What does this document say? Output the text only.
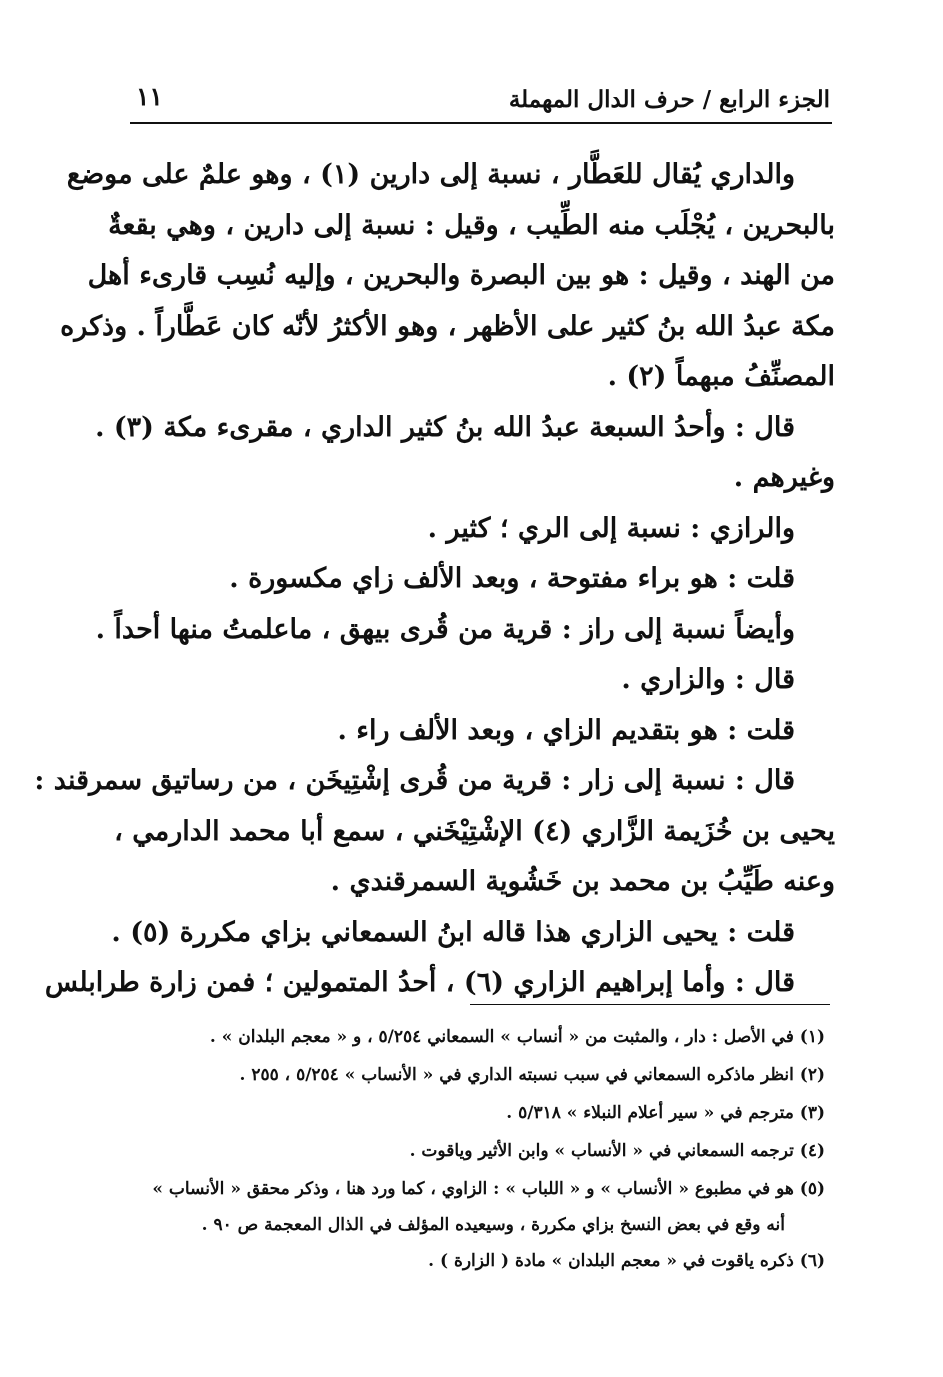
الجزء الرابع / حرف الدال المهملة
١١
والداري يُقال للعَطَّار ، نسبة إلى دارين (١) ، وهو علمٌ على موضع
بالبحرين ، يُجْلَب منه الطِّيب ، وقيل : نسبة إلى دارين ، وهي بقعةٌ
من الهند ، وقيل : هو بين البصرة والبحرين ، وإليه نُسِب قارىء أهل
مكة عبدُ الله بنُ كثير على الأظهر ، وهو الأكثرُ لأنّه كان عَطَّاراً . وذكره
المصنِّفُ مبهماً (٢) .
قال : وأحدُ السبعة عبدُ الله بنُ كثير الداري ، مقرىء مكة (٣) .
وغيرهم .
والرازي : نسبة إلى الري ؛ كثير .
قلت : هو براء مفتوحة ، وبعد الألف زاي مكسورة .
وأيضاً نسبة إلى راز : قرية من قُرى بيهق ، ماعلمتُ منها أحداً .
قال : والزاري .
قلت : هو بتقديم الزاي ، وبعد الألف راء .
قال : نسبة إلى زار : قرية من قُرى إشْتِيخَن ، من رساتيق سمرقند :
يحيى بن خُزَيمة الزَّاري (٤) الإشْتِيْخَني ، سمع أبا محمد الدارمي ،
وعنه طَيِّبُ بن محمد بن خَشُوية السمرقندي .
قلت : يحيى الزاري هذا قاله ابنُ السمعاني بزاي مكررة (٥) .
قال : وأما إبراهيم الزاري (٦) ، أحدُ المتمولين ؛ فمن زارة طرابلس
(١) في الأصل : دار ، والمثبت من « أنساب » السمعاني ٥/٢٥٤ ، و « معجم البلدان » .
(٢) انظر ماذكره السمعاني في سبب نسبته الداري في « الأنساب » ٥/٢٥٤ ، ٢٥٥ .
(٣) مترجم في « سير أعلام النبلاء » ٥/٣١٨ .
(٤) ترجمه السمعاني في « الأنساب » وابن الأثير وياقوت .
(٥) هو في مطبوع « الأنساب » و « اللباب » : الزاوي ، كما ورد هنا ، وذكر محقق « الأنساب »
أنه وقع في بعض النسخ بزاي مكررة ، وسيعيده المؤلف في الذال المعجمة ص ٩٠ .
(٦) ذكره ياقوت في « معجم البلدان » مادة ( الزارة ) .
